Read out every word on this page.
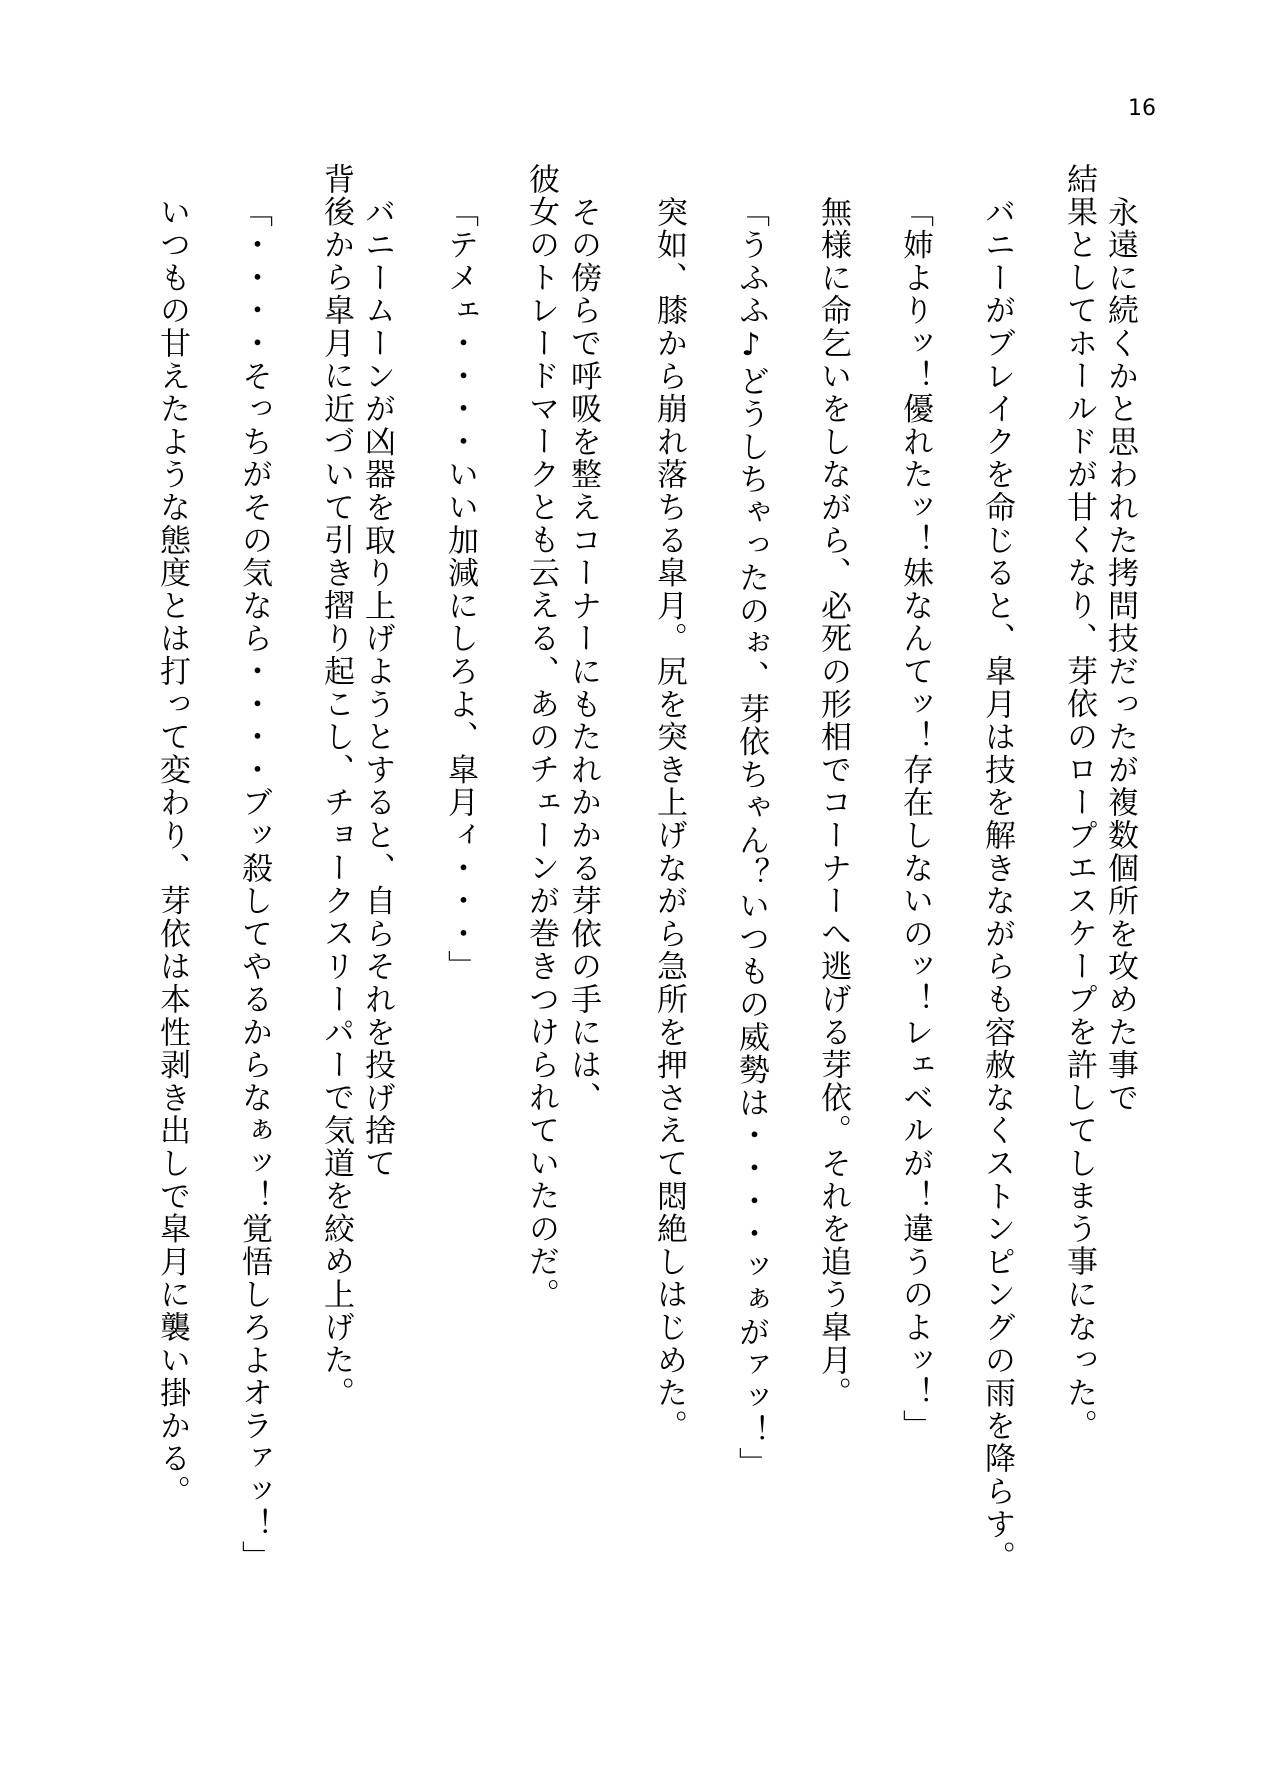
16
永遠に続くかと思われた拷問技だったが複数個所を攻めた事で
結果としてホールドが甘くなり、芽依のロープエスケープを許してしまう事になった。
バニーがブレイクを命じると、皐月は技を解きながらも容赦なくストンピングの雨を降らす。
「姉よりッ！優れたッ！妹なんてッ！存在しないのッ！レェベルが！違うのよッ！」
無様に命乞いをしながら、必死の形相でコーナーへ逃げる芽依。それを追う皐月。
「うふふ♪どうしちゃったのぉ、芽依ちゃん？いつもの威勢は・・・・ッぁがァッ！」
突如、膝から崩れ落ちる皐月。尻を突き上げながら急所を押さえて悶絶しはじめた。
その傍らで呼吸を整えコーナーにもたれかかる芽依の手には、
彼女のトレードマークとも云える、あのチェーンが巻きつけられていたのだ。
「テメェ・・・・いい加減にしろよ、皐月ィ・・・」
バニームーンが凶器を取り上げようとすると、自らそれを投げ捨て
背後から皐月に近づいて引き摺り起こし、チョークスリーパーで気道を絞め上げた。
「・・・・そっちがその気なら・・・・ブッ殺してやるからなぁッ！覚悟しろよオラァッ！」
いつもの甘えたような態度とは打って変わり、芽依は本性剥き出しで皐月に襲い掛かる。
